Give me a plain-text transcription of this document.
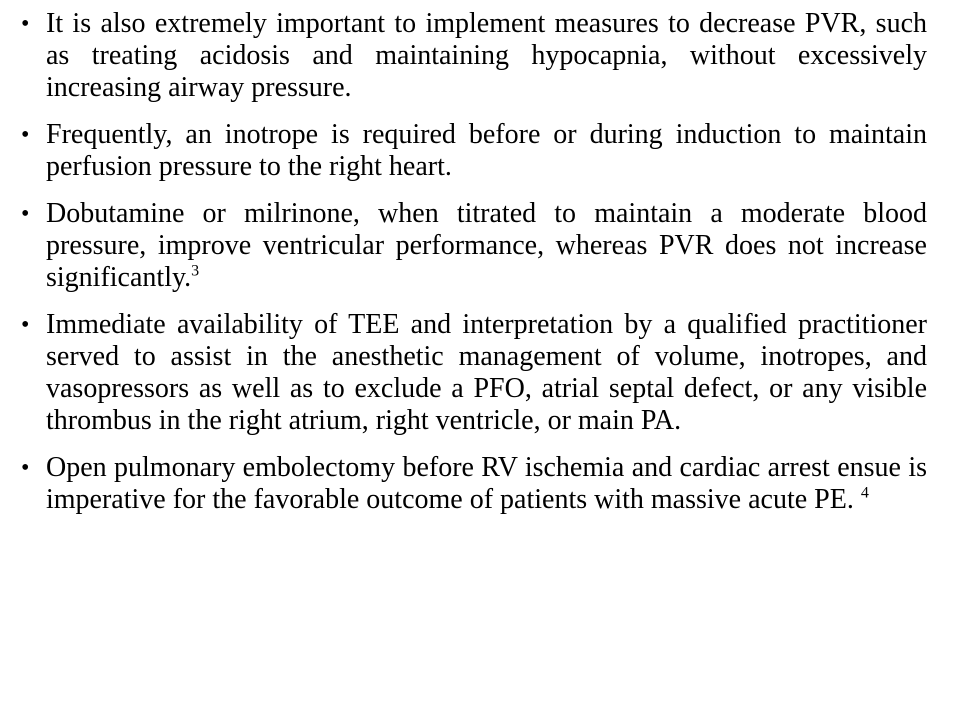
• It is also extremely important to implement measures to decrease PVR, such as treating acidosis and maintaining hypocapnia, without excessively increasing airway pressure.
• Frequently, an inotrope is required before or during induction to maintain perfusion pressure to the right heart.
• Dobutamine or milrinone, when titrated to maintain a moderate blood pressure, improve ventricular performance, whereas PVR does not increase significantly.$^3$
• Immediate availability of TEE and interpretation by a qualified practitioner served to assist in the anesthetic management of volume, inotropes, and vasopressors as well as to exclude a PFO, atrial septal defect, or any visible thrombus in the right atrium, right ventricle, or main PA.
• Open pulmonary embolectomy before RV ischemia and cardiac arrest ensue is imperative for the favorable outcome of patients with massive acute PE. $^4$
